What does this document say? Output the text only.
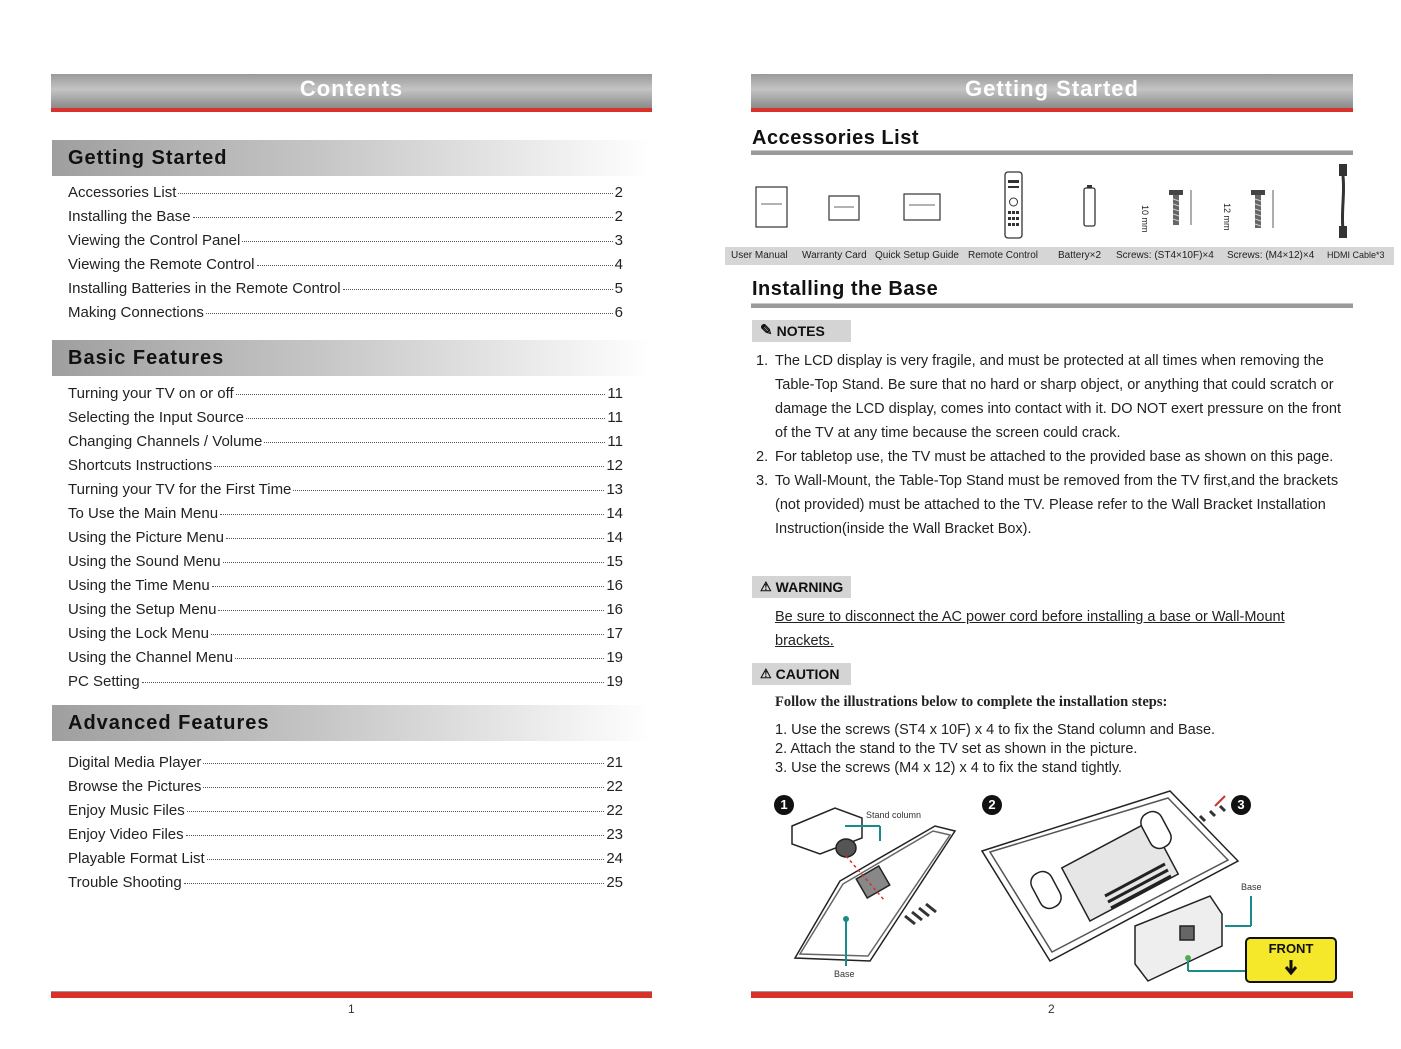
Contents
Getting Started
Accessories List	2
Installing the Base	2
Viewing the Control Panel	3
Viewing the Remote Control	4
Installing Batteries in the Remote Control	5
Making Connections	6
Basic Features
Turning your TV on or off	11
Selecting the Input Source	11
Changing Channels / Volume	11
Shortcuts Instructions	12
Turning your TV for the First Time	13
To Use the Main Menu	14
Using the Picture Menu	14
Using the Sound Menu	15
Using the Time Menu	16
Using the Setup Menu	16
Using the Lock Menu	17
Using the Channel Menu	19
PC Setting	19
Advanced Features
Digital Media Player	21
Browse the Pictures	22
Enjoy Music Files	22
Enjoy Video Files	23
Playable Format List	24
Trouble Shooting	25
1
Getting Started
Accessories List
10 mm	12 mm
User Manual Warranty Card Quick Setup Guide Remote Control Battery×2 Screws: (ST4×10F)×4 Screws: (M4×12)×4 HDMI Cable*3
Installing the Base
✎ NOTES
1. The LCD display is very fragile, and must be protected at all times when removing the Table-Top Stand. Be sure that no hard or sharp object, or anything that could scratch or damage the LCD display, comes into contact with it. DO NOT exert pressure on the front of the TV at any time because the screen could crack.
2. For tabletop use, the TV must be attached to the provided base as shown on this page.
3. To Wall-Mount, the Table-Top Stand must be removed from the TV first,and the brackets (not provided) must be attached to the TV. Please refer to the Wall Bracket Installation Instruction(inside the Wall Bracket Box).
⚠ WARNING
Be sure to disconnect the AC power cord before installing a base or Wall-Mount brackets.
⚠ CAUTION
Follow the illustrations below to complete the installation steps:
1. Use the screws (ST4 x 10F) x 4 to fix the Stand column and Base.
2. Attach the stand to the TV set as shown in the picture.
3. Use the screws (M4 x 12) x 4 to fix the stand tightly.
1	2	3
Stand column
Base
Base
FRONT
2
